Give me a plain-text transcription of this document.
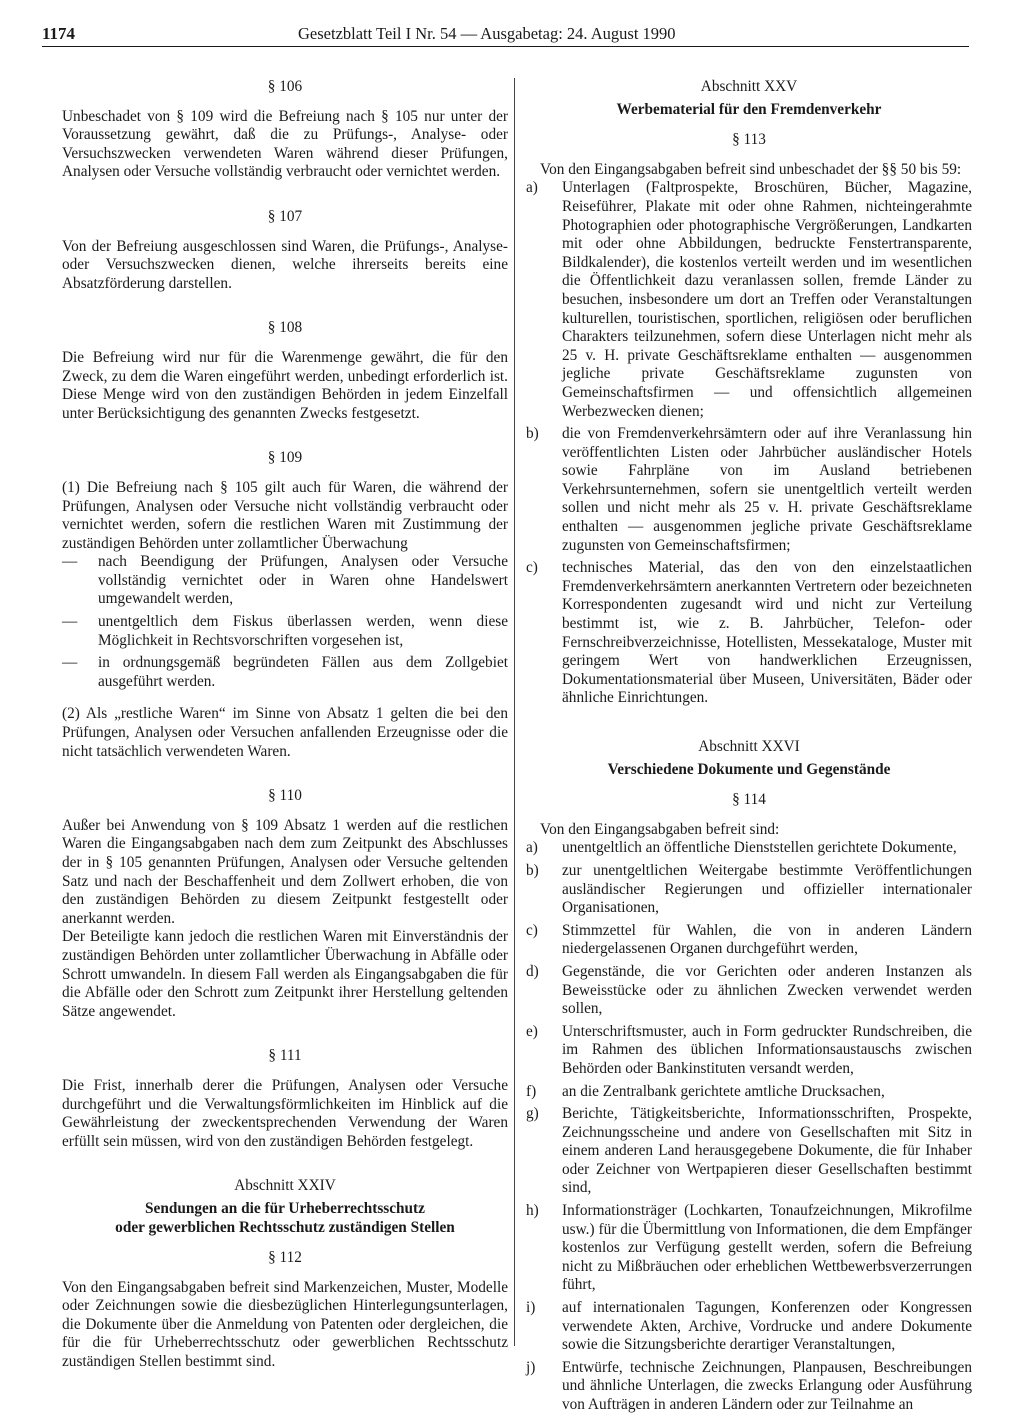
1174	Gesetzblatt Teil I Nr. 54 — Ausgabetag: 24. August 1990
§ 106

Unbeschadet von § 109 wird die Befreiung nach § 105 nur unter der Voraussetzung gewährt, daß die zu Prüfungs-, Analyse- oder Versuchszwecken verwendeten Waren während dieser Prüfungen, Analysen oder Versuche vollständig verbraucht oder vernichtet werden.

§ 107

Von der Befreiung ausgeschlossen sind Waren, die Prüfungs-, Analyse- oder Versuchszwecken dienen, welche ihrerseits bereits eine Absatzförderung darstellen.

§ 108

Die Befreiung wird nur für die Warenmenge gewährt, die für den Zweck, zu dem die Waren eingeführt werden, unbedingt erforderlich ist. Diese Menge wird von den zuständigen Behörden in jedem Einzelfall unter Berücksichtigung des genannten Zwecks festgesetzt.

§ 109

(1) Die Befreiung nach § 105 gilt auch für Waren, die während der Prüfungen, Analysen oder Versuche nicht vollständig verbraucht oder vernichtet werden, sofern die restlichen Waren mit Zustimmung der zuständigen Behörden unter zollamtlicher Überwachung

— nach Beendigung der Prüfungen, Analysen oder Versuche vollständig vernichtet oder in Waren ohne Handelswert umgewandelt werden,
— unentgeltlich dem Fiskus überlassen werden, wenn diese Möglichkeit in Rechtsvorschriften vorgesehen ist,
— in ordnungsgemäß begründeten Fällen aus dem Zollgebiet ausgeführt werden.

(2) Als „restliche Waren“ im Sinne von Absatz 1 gelten die bei den Prüfungen, Analysen oder Versuchen anfallenden Erzeugnisse oder die nicht tatsächlich verwendeten Waren.

§ 110

Außer bei Anwendung von § 109 Absatz 1 werden auf die restlichen Waren die Eingangsabgaben nach dem zum Zeitpunkt des Abschlusses der in § 105 genannten Prüfungen, Analysen oder Versuche geltenden Satz und nach der Beschaffenheit und dem Zollwert erhoben, die von den zuständigen Behörden zu diesem Zeitpunkt festgestellt oder anerkannt werden.

Der Beteiligte kann jedoch die restlichen Waren mit Einverständnis der zuständigen Behörden unter zollamtlicher Überwachung in Abfälle oder Schrott umwandeln. In diesem Fall werden als Eingangsabgaben die für die Abfälle oder den Schrott zum Zeitpunkt ihrer Herstellung geltenden Sätze angewendet.

§ 111

Die Frist, innerhalb derer die Prüfungen, Analysen oder Versuche durchgeführt und die Verwaltungsförmlichkeiten im Hinblick auf die Gewährleistung der zweckentsprechenden Verwendung der Waren erfüllt sein müssen, wird von den zuständigen Behörden festgelegt.

Abschnitt XXIV
Sendungen an die für Urheberrechtsschutz
oder gewerblichen Rechtsschutz zuständigen Stellen
§ 112

Von den Eingangsabgaben befreit sind Markenzeichen, Muster, Modelle oder Zeichnungen sowie die diesbezüglichen Hinterlegungsunterlagen, die Dokumente über die Anmeldung von Patenten oder dergleichen, die für die für Urheberrechtsschutz oder gewerblichen Rechtsschutz zuständigen Stellen bestimmt sind.

Abschnitt XXV
Werbematerial für den Fremdenverkehr
§ 113

Von den Eingangsabgaben befreit sind unbeschadet der §§ 50 bis 59:

a) Unterlagen (Faltprospekte, Broschüren, Bücher, Magazine, Reiseführer, Plakate mit oder ohne Rahmen, nichteingerahmte Photographien oder photographische Vergrößerungen, Landkarten mit oder ohne Abbildungen, bedruckte Fenstertransparente, Bildkalender), die kostenlos verteilt werden und im wesentlichen die Öffentlichkeit dazu veranlassen sollen, fremde Länder zu besuchen, insbesondere um dort an Treffen oder Veranstaltungen kulturellen, touristischen, sportlichen, religiösen oder beruflichen Charakters teilzunehmen, sofern diese Unterlagen nicht mehr als 25 v. H. private Geschäftsreklame enthalten — ausgenommen jegliche private Geschäftsreklame zugunsten von Gemeinschaftsfirmen — und offensichtlich allgemeinen Werbezwecken dienen;
b) die von Fremdenverkehrsämtern oder auf ihre Veranlassung hin veröffentlichten Listen oder Jahrbücher ausländischer Hotels sowie Fahrpläne von im Ausland betriebenen Verkehrsunternehmen, sofern sie unentgeltlich verteilt werden sollen und nicht mehr als 25 v. H. private Geschäftsreklame enthalten — ausgenommen jegliche private Geschäftsreklame zugunsten von Gemeinschaftsfirmen;
c) technisches Material, das den von den einzelstaatlichen Fremdenverkehrsämtern anerkannten Vertretern oder bezeichneten Korrespondenten zugesandt wird und nicht zur Verteilung bestimmt ist, wie z. B. Jahrbücher, Telefon- oder Fernschreibverzeichnisse, Hotellisten, Messekataloge, Muster mit geringem Wert von handwerklichen Erzeugnissen, Dokumentationsmaterial über Museen, Universitäten, Bäder oder ähnliche Einrichtungen.
Abschnitt XXVI
Verschiedene Dokumente und Gegenstände
§ 114

Von den Eingangsabgaben befreit sind:

a) unentgeltlich an öffentliche Dienststellen gerichtete Dokumente,
b) zur unentgeltlichen Weitergabe bestimmte Veröffentlichungen ausländischer Regierungen und offizieller internationaler Organisationen,
c) Stimmzettel für Wahlen, die von in anderen Ländern niedergelassenen Organen durchgeführt werden,
d) Gegenstände, die vor Gerichten oder anderen Instanzen als Beweisstücke oder zu ähnlichen Zwecken verwendet werden sollen,
e) Unterschriftsmuster, auch in Form gedruckter Rundschreiben, die im Rahmen des üblichen Informationsaustauschs zwischen Behörden oder Bankinstituten versandt werden,
f) an die Zentralbank gerichtete amtliche Drucksachen,
g) Berichte, Tätigkeitsberichte, Informationsschriften, Prospekte, Zeichnungsscheine und andere von Gesellschaften mit Sitz in einem anderen Land herausgegebene Dokumente, die für Inhaber oder Zeichner von Wertpapieren dieser Gesellschaften bestimmt sind,
h) Informationsträger (Lochkarten, Tonaufzeichnungen, Mikrofilme usw.) für die Übermittlung von Informationen, die dem Empfänger kostenlos zur Verfügung gestellt werden, sofern die Befreiung nicht zu Mißbräuchen oder erheblichen Wettbewerbsverzerrungen führt,
i) auf internationalen Tagungen, Konferenzen oder Kongressen verwendete Akten, Archive, Vordrucke und andere Dokumente sowie die Sitzungsberichte derartiger Veranstaltungen,
j) Entwürfe, technische Zeichnungen, Planpausen, Beschreibungen und ähnliche Unterlagen, die zwecks Erlangung oder Ausführung von Aufträgen in anderen Ländern oder zur Teilnahme an
